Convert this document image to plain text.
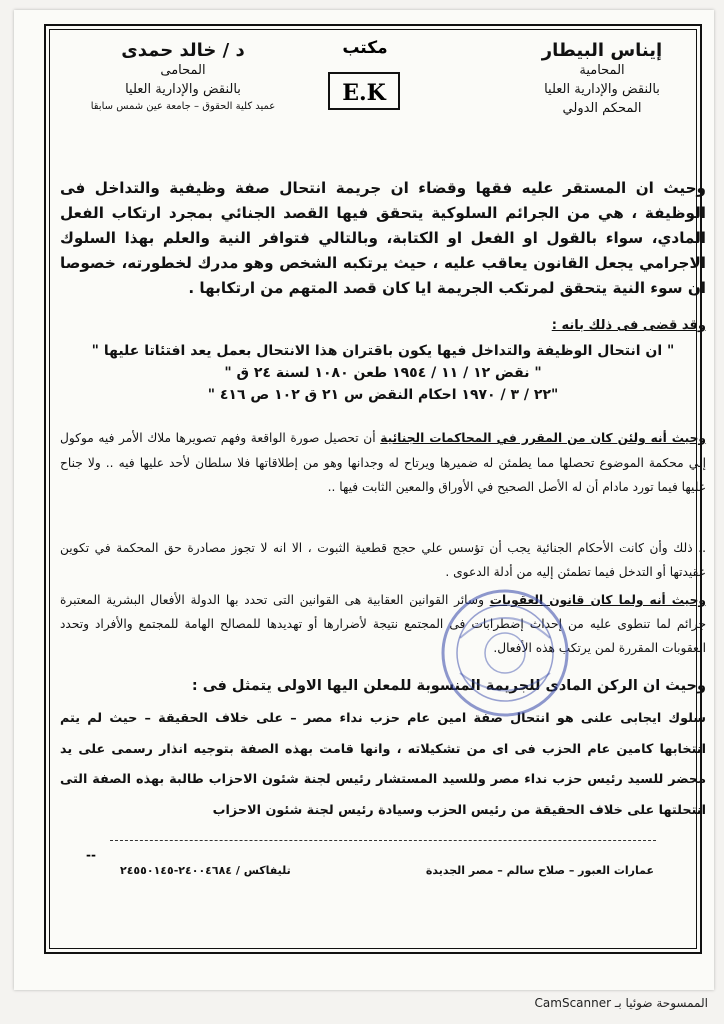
إيناس البيطار
المحامية
بالنقض والإدارية العليا
المحكم الدولي
مكتب
E.K
د / خالد حمدى
المحامى
بالنقض والإدارية العليا
عميد كلية الحقوق – جامعة عين شمس سابقا
وحيث ان المستقر عليه فقها وقضاء ان جريمة انتحال صفة وظيفية والتداخل فى الوظيفة ، هي من الجرائم السلوكية يتحقق فيها القصد الجنائي بمجرد ارتكاب الفعل المادي، سواء بالقول او الفعل او الكتابة، وبالتالي فتوافر النية والعلم بهذا السلوك الاجرامي يجعل القانون يعاقب عليه ، حيث يرتكبه الشخص وهو مدرك لخطورته، خصوصا ان سوء النية يتحقق لمرتكب الجريمة ايا كان قصد المتهم من ارتكابها .
وقد قضى فى ذلك بانه :
" ان انتحال الوظيفة والتداخل فيها يكون باقتران هذا الانتحال بعمل يعد افتئاتا عليها "
" نقض ١٢ / ١١ / ١٩٥٤ طعن ١٠٨٠ لسنة ٢٤ ق "
"٢٢ / ٣ / ١٩٧٠ احكام النقض س ٢١ ق ١٠٢ ص ٤١٦ "
وحيث أنه ولئن كان من المقرر في المحاكمات الجنائية أن تحصيل صورة الواقعة وفهم تصويرها ملاك الأمر فيه موكول إلي محكمة الموضوع تحصلها مما يطمئن له ضميرها ويرتاح له وجدانها وهو من إطلاقاتها فلا سلطان لأحد عليها فيه .. ولا جناح عليها فيما تورد مادام أن له الأصل الصحيح في الأوراق والمعين الثابت فيها ..
.. ذلك وأن كانت الأحكام الجنائية يجب أن تؤسس علي حجج قطعية الثبوت ، الا انه لا تجوز مصادرة حق المحكمة في تكوين عقيدتها أو التدخل فيما تطمئن إليه من أدلة الدعوى .
وحيث أنه ولما كان قانون العقوبات وسائر القوانين العقابية هى القوانين التى تحدد بها الدولة الأفعال البشرية المعتبرة جرائم لما تنطوى عليه من إحداث إضطرابات فى المجتمع نتيجة لأضرارها أو تهديدها للمصالح الهامة للمجتمع والأفراد وتحدد العقوبات المقررة لمن يرتكب هذه الأفعال.
وحيث ان الركن المادى للجريمة المنسوبة للمعلن اليها الاولى يتمثل فى :
سلوك ايجابى علنى هو انتحال صفة امين عام حزب نداء مصر – على خلاف الحقيقة – حيث لم يتم انتخابها كامين عام الحزب فى اى من تشكيلاته ، وانها قامت بهذه الصفة بتوجيه انذار رسمى على يد محضر للسيد رئيس حزب نداء مصر وللسيد المستشار رئيس لجنة شئون الاحزاب طالبة بهذه الصفة التى انتحلتها على خلاف الحقيقة من رئيس الحزب وسيادة رئيس لجنة شئون الاحزاب
--
عمارات العبور – صلاح سالم – مصر الجديدة
تليفاكس / ٢٤٠٠٤٦٨٤-٢٤٥٥٠١٤٥
الممسوحة ضوئيا بـ CamScanner
